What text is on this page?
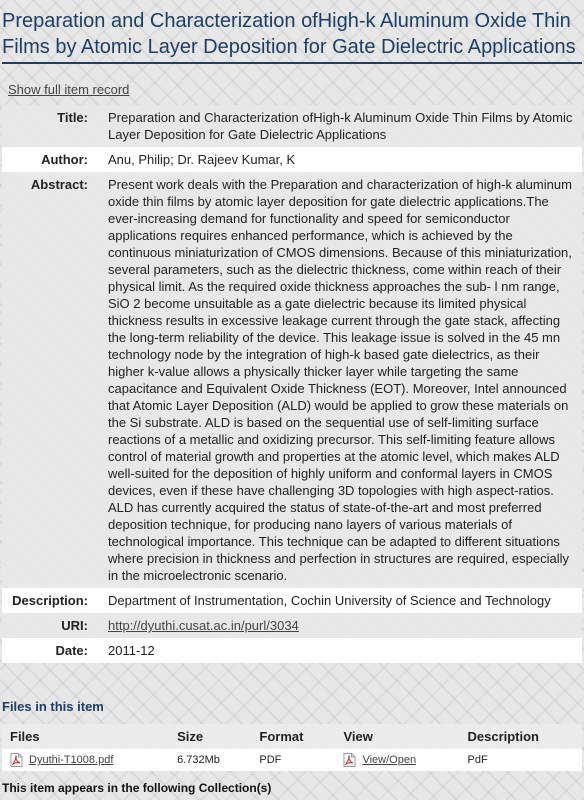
Preparation and Characterization ofHigh-k Aluminum Oxide Thin Films by Atomic Layer Deposition for Gate Dielectric Applications
Show full item record
Title:	Preparation and Characterization ofHigh-k Aluminum Oxide Thin Films by Atomic Layer Deposition for Gate Dielectric Applications
Author:	Anu, Philip; Dr. Rajeev Kumar, K
Abstract:	Present work deals with the Preparation and characterization of high-k aluminum oxide thin films by atomic layer deposition for gate dielectric applications.The ever-increasing demand for functionality and speed for semiconductor applications requires enhanced performance, which is achieved by the continuous miniaturization of CMOS dimensions. Because of this miniaturization, several parameters, such as the dielectric thickness, come within reach of their physical limit. As the required oxide thickness approaches the sub- l nm range, SiO 2 become unsuitable as a gate dielectric because its limited physical thickness results in excessive leakage current through the gate stack, affecting the long-term reliability of the device. This leakage issue is solved in the 45 mn technology node by the integration of high-k based gate dielectrics, as their higher k-value allows a physically thicker layer while targeting the same capacitance and Equivalent Oxide Thickness (EOT). Moreover, Intel announced that Atomic Layer Deposition (ALD) would be applied to grow these materials on the Si substrate. ALD is based on the sequential use of self-limiting surface reactions of a metallic and oxidizing precursor. This self-limiting feature allows control of material growth and properties at the atomic level, which makes ALD well-suited for the deposition of highly uniform and conformal layers in CMOS devices, even if these have challenging 3D topologies with high aspect-ratios. ALD has currently acquired the status of state-of-the-art and most preferred deposition technique, for producing nano layers of various materials of technological importance. This technique can be adapted to different situations where precision in thickness and perfection in structures are required, especially in the microelectronic scenario.
Description:	Department of Instrumentation, Cochin University of Science and Technology
URI:	http://dyuthi.cusat.ac.in/purl/3034
Date:	2011-12
Files in this item
Files	Size	Format	View	Description
Dyuthi-T1008.pdf	6.732Mb	PDF	View/Open	PdF
This item appears in the following Collection(s)
